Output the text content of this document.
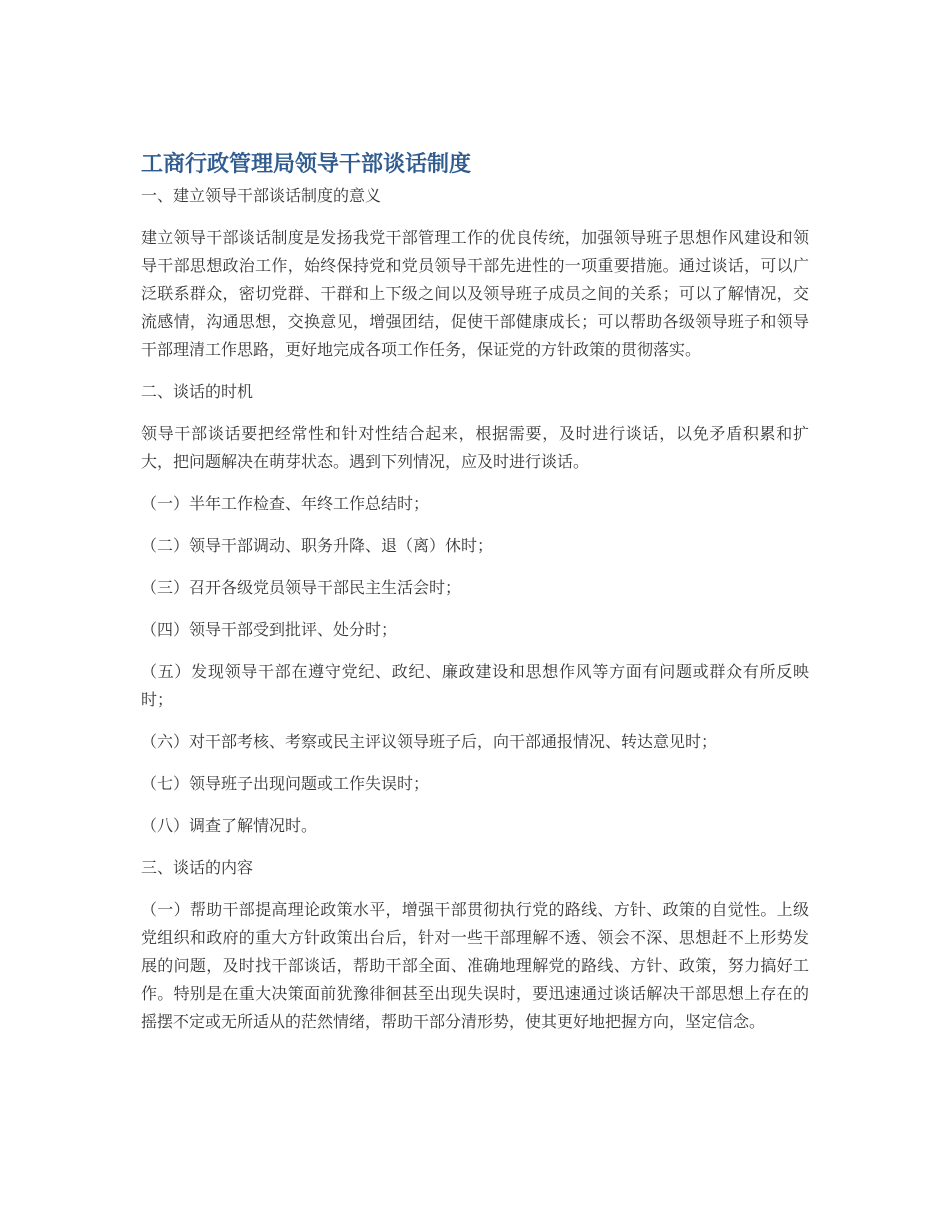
工商行政管理局领导干部谈话制度

一、建立领导干部谈话制度的意义

建立领导干部谈话制度是发扬我党干部管理工作的优良传统，加强领导班子思想作风建设和领导干部思想政治工作，始终保持党和党员领导干部先进性的一项重要措施。通过谈话，可以广泛联系群众，密切党群、干群和上下级之间以及领导班子成员之间的关系；可以了解情况，交流感情，沟通思想，交换意见，增强团结，促使干部健康成长；可以帮助各级领导班子和领导干部理清工作思路，更好地完成各项工作任务，保证党的方针政策的贯彻落实。

二、谈话的时机

领导干部谈话要把经常性和针对性结合起来，根据需要，及时进行谈话，以免矛盾积累和扩大，把问题解决在萌芽状态。遇到下列情况，应及时进行谈话。

（一）半年工作检查、年终工作总结时；

（二）领导干部调动、职务升降、退（离）休时；

（三）召开各级党员领导干部民主生活会时；

（四）领导干部受到批评、处分时；

（五）发现领导干部在遵守党纪、政纪、廉政建设和思想作风等方面有问题或群众有所反映时；

（六）对干部考核、考察或民主评议领导班子后，向干部通报情况、转达意见时；

（七）领导班子出现问题或工作失误时；

（八）调查了解情况时。

三、谈话的内容

（一）帮助干部提高理论政策水平，增强干部贯彻执行党的路线、方针、政策的自觉性。上级党组织和政府的重大方针政策出台后，针对一些干部理解不透、领会不深、思想赶不上形势发展的问题，及时找干部谈话，帮助干部全面、准确地理解党的路线、方针、政策，努力搞好工作。特别是在重大决策面前犹豫徘徊甚至出现失误时，要迅速通过谈话解决干部思想上存在的摇摆不定或无所适从的茫然情绪，帮助干部分清形势，使其更好地把握方向，坚定信念。
